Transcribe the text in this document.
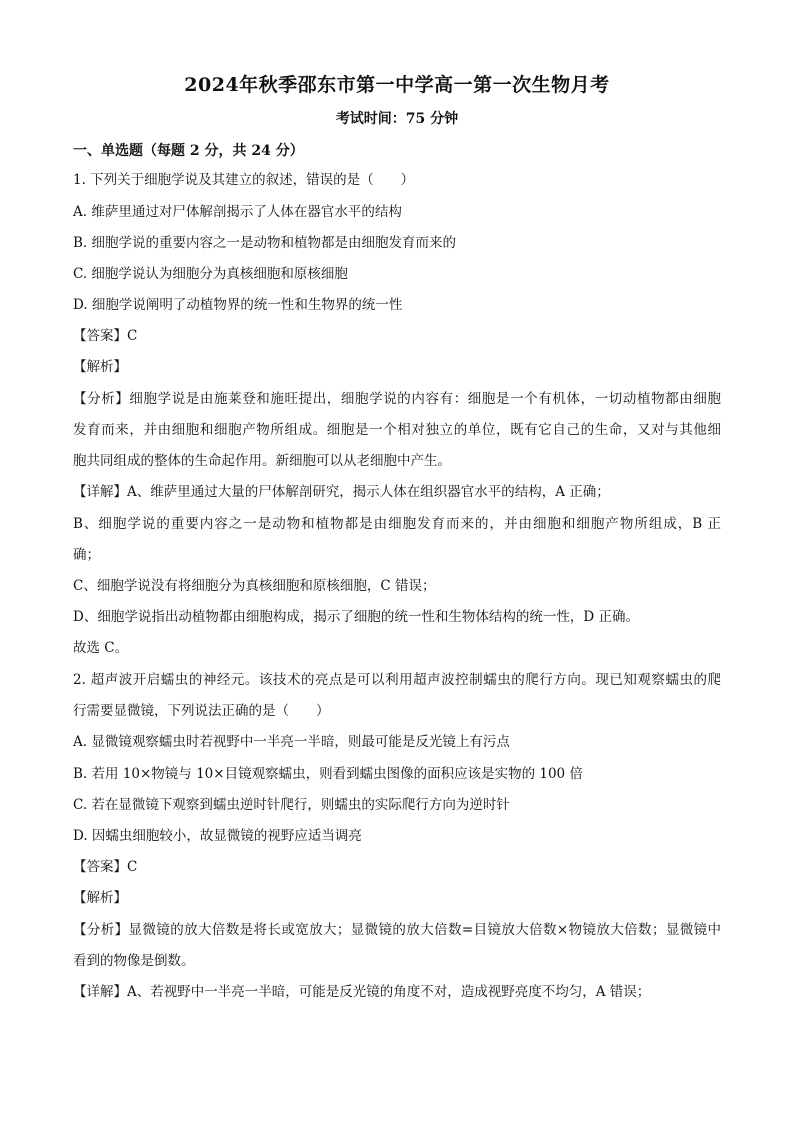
2024年秋季邵东市第一中学高一第一次生物月考
考试时间：75 分钟
一、单选题（每题 2 分，共 24 分）
1. 下列关于细胞学说及其建立的叙述，错误的是（　　）
A. 维萨里通过对尸体解剖揭示了人体在器官水平的结构
B. 细胞学说的重要内容之一是动物和植物都是由细胞发育而来的
C. 细胞学说认为细胞分为真核细胞和原核细胞
D. 细胞学说阐明了动植物界的统一性和生物界的统一性
【答案】C
【解析】
【分析】细胞学说是由施莱登和施旺提出，细胞学说的内容有：细胞是一个有机体，一切动植物都由细胞
发育而来，并由细胞和细胞产物所组成。细胞是一个相对独立的单位，既有它自己的生命，又对与其他细
胞共同组成的整体的生命起作用。新细胞可以从老细胞中产生。
【详解】A、维萨里通过大量的尸体解剖研究，揭示人体在组织器官水平的结构，A 正确；
B、细胞学说的重要内容之一是动物和植物都是由细胞发育而来的，并由细胞和细胞产物所组成，B 正
确；
C、细胞学说没有将细胞分为真核细胞和原核细胞，C 错误；
D、细胞学说指出动植物都由细胞构成，揭示了细胞的统一性和生物体结构的统一性，D 正确。
故选 C。
2. 超声波开启蠕虫的神经元。该技术的亮点是可以利用超声波控制蠕虫的爬行方向。现已知观察蠕虫的爬
行需要显微镜，下列说法正确的是（　　）
A. 显微镜观察蠕虫时若视野中一半亮一半暗，则最可能是反光镜上有污点
B. 若用 10×物镜与 10×目镜观察蠕虫，则看到蠕虫图像的面积应该是实物的 100 倍
C. 若在显微镜下观察到蠕虫逆时针爬行，则蠕虫的实际爬行方向为逆时针
D. 因蠕虫细胞较小，故显微镜的视野应适当调亮
【答案】C
【解析】
【分析】显微镜的放大倍数是将长或宽放大；显微镜的放大倍数=目镜放大倍数×物镜放大倍数；显微镜中
看到的物像是倒数。
【详解】A、若视野中一半亮一半暗，可能是反光镜的角度不对，造成视野亮度不均匀，A 错误；
